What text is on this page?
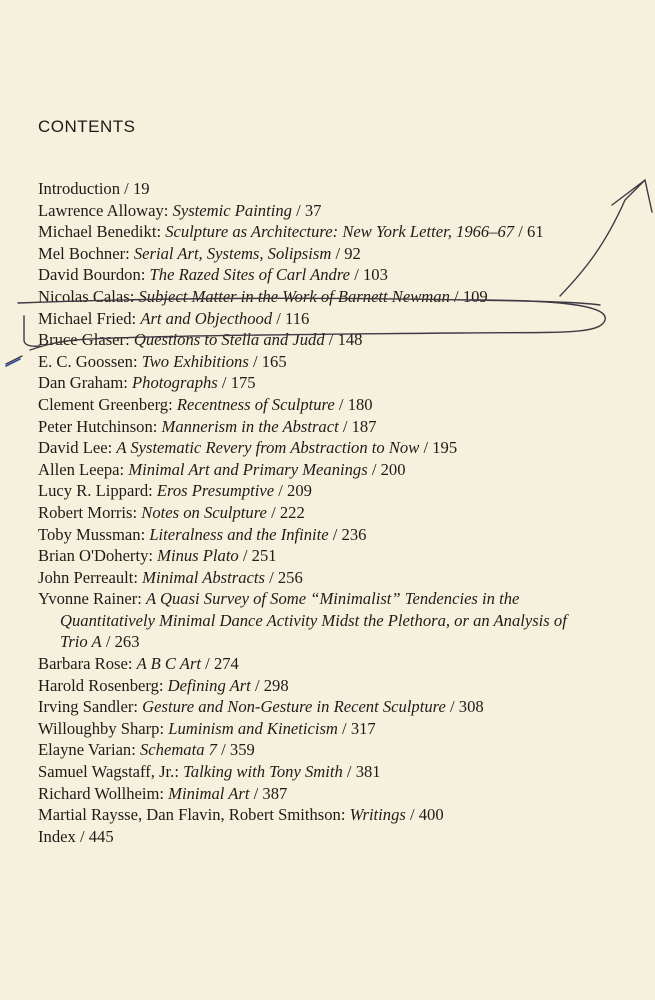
CONTENTS
Introduction / 19
Lawrence Alloway: Systemic Painting / 37
Michael Benedikt: Sculpture as Architecture: New York Letter, 1966–67 / 61
Mel Bochner: Serial Art, Systems, Solipsism / 92
David Bourdon: The Razed Sites of Carl Andre / 103
Nicolas Calas: Subject Matter in the Work of Barnett Newman / 109
Michael Fried: Art and Objecthood / 116
Bruce Glaser: Questions to Stella and Judd / 148
E. C. Goossen: Two Exhibitions / 165
Dan Graham: Photographs / 175
Clement Greenberg: Recentness of Sculpture / 180
Peter Hutchinson: Mannerism in the Abstract / 187
David Lee: A Systematic Revery from Abstraction to Now / 195
Allen Leepa: Minimal Art and Primary Meanings / 200
Lucy R. Lippard: Eros Presumptive / 209
Robert Morris: Notes on Sculpture / 222
Toby Mussman: Literalness and the Infinite / 236
Brian O'Doherty: Minus Plato / 251
John Perreault: Minimal Abstracts / 256
Yvonne Rainer: A Quasi Survey of Some “Minimalist” Tendencies in the Quantitatively Minimal Dance Activity Midst the Plethora, or an Analysis of Trio A / 263
Barbara Rose: A B C Art / 274
Harold Rosenberg: Defining Art / 298
Irving Sandler: Gesture and Non-Gesture in Recent Sculpture / 308
Willoughby Sharp: Luminism and Kineticism / 317
Elayne Varian: Schemata 7 / 359
Samuel Wagstaff, Jr.: Talking with Tony Smith / 381
Richard Wollheim: Minimal Art / 387
Martial Raysse, Dan Flavin, Robert Smithson: Writings / 400
Index / 445
